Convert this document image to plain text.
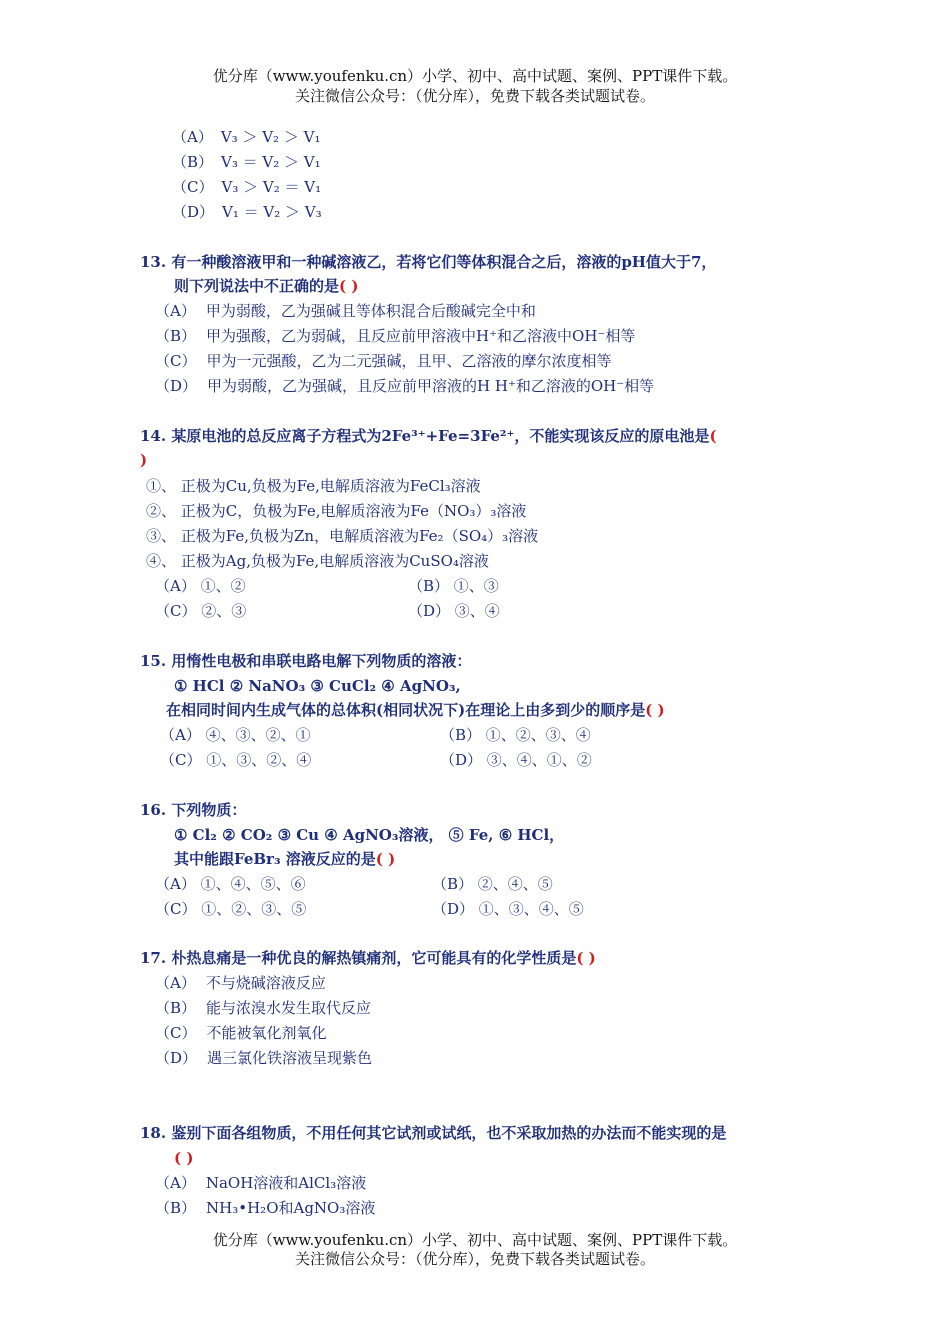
优分库（www.youfenku.cn）小学、初中、高中试题、案例、PPT课件下载。
关注微信公众号：（优分库），免费下载各类试题试卷。
（A） V₃ ＞ V₂ ＞ V₁
（B） V₃ ＝ V₂ ＞ V₁
（C） V₃ ＞ V₂ ＝ V₁
（D） V₁ ＝ V₂ ＞ V₃
13. 有一种酸溶液甲和一种碱溶液乙，若将它们等体积混合之后，溶液的pH值大于7，
则下列说法中不正确的是( )
（A） 甲为弱酸，乙为强碱且等体积混合后酸碱完全中和
（B） 甲为强酸，乙为弱碱，且反应前甲溶液中H⁺和乙溶液中OH⁻相等
（C） 甲为一元强酸，乙为二元强碱，且甲、乙溶液的摩尔浓度相等
（D） 甲为弱酸，乙为强碱，且反应前甲溶液的H H⁺和乙溶液的OH⁻相等
14. 某原电池的总反应离子方程式为2Fe³⁺+Fe=3Fe²⁺，不能实现该反应的原电池是(
)
①、 正极为Cu,负极为Fe,电解质溶液为FeCl₃溶液
②、 正极为C，负极为Fe,电解质溶液为Fe（NO₃）₃溶液
③、 正极为Fe,负极为Zn，电解质溶液为Fe₂（SO₄）₃溶液
④、 正极为Ag,负极为Fe,电解质溶液为CuSO₄溶液
（A） ①、②	（B） ①、③
（C） ②、③	（D） ③、④
15. 用惰性电极和串联电路电解下列物质的溶液：
① HCl ② NaNO₃ ③ CuCl₂ ④ AgNO₃,
在相同时间内生成气体的总体积(相同状况下)在理论上由多到少的顺序是( )
（A） ④、③、②、①	（B） ①、②、③、④
（C） ①、③、②、④	（D） ③、④、①、②
16. 下列物质：
① Cl₂ ② CO₂ ③ Cu ④ AgNO₃溶液， ⑤ Fe, ⑥ HCl，
其中能跟FeBr₃ 溶液反应的是( )
（A） ①、④、⑤、⑥	（B） ②、④、⑤
（C） ①、②、③、⑤	（D） ①、③、④、⑤
17. 朴热息痛是一种优良的解热镇痛剂，它可能具有的化学性质是( )
（A） 不与烧碱溶液反应
（B） 能与浓溴水发生取代反应
（C） 不能被氧化剂氧化
（D） 遇三氯化铁溶液呈现紫色
18. 鉴别下面各组物质，不用任何其它试剂或试纸，也不采取加热的办法而不能实现的是
( )
（A） NaOH溶液和AlCl₃溶液
（B） NH₃•H₂O和AgNO₃溶液
优分库（www.youfenku.cn）小学、初中、高中试题、案例、PPT课件下载。
关注微信公众号：（优分库），免费下载各类试题试卷。
